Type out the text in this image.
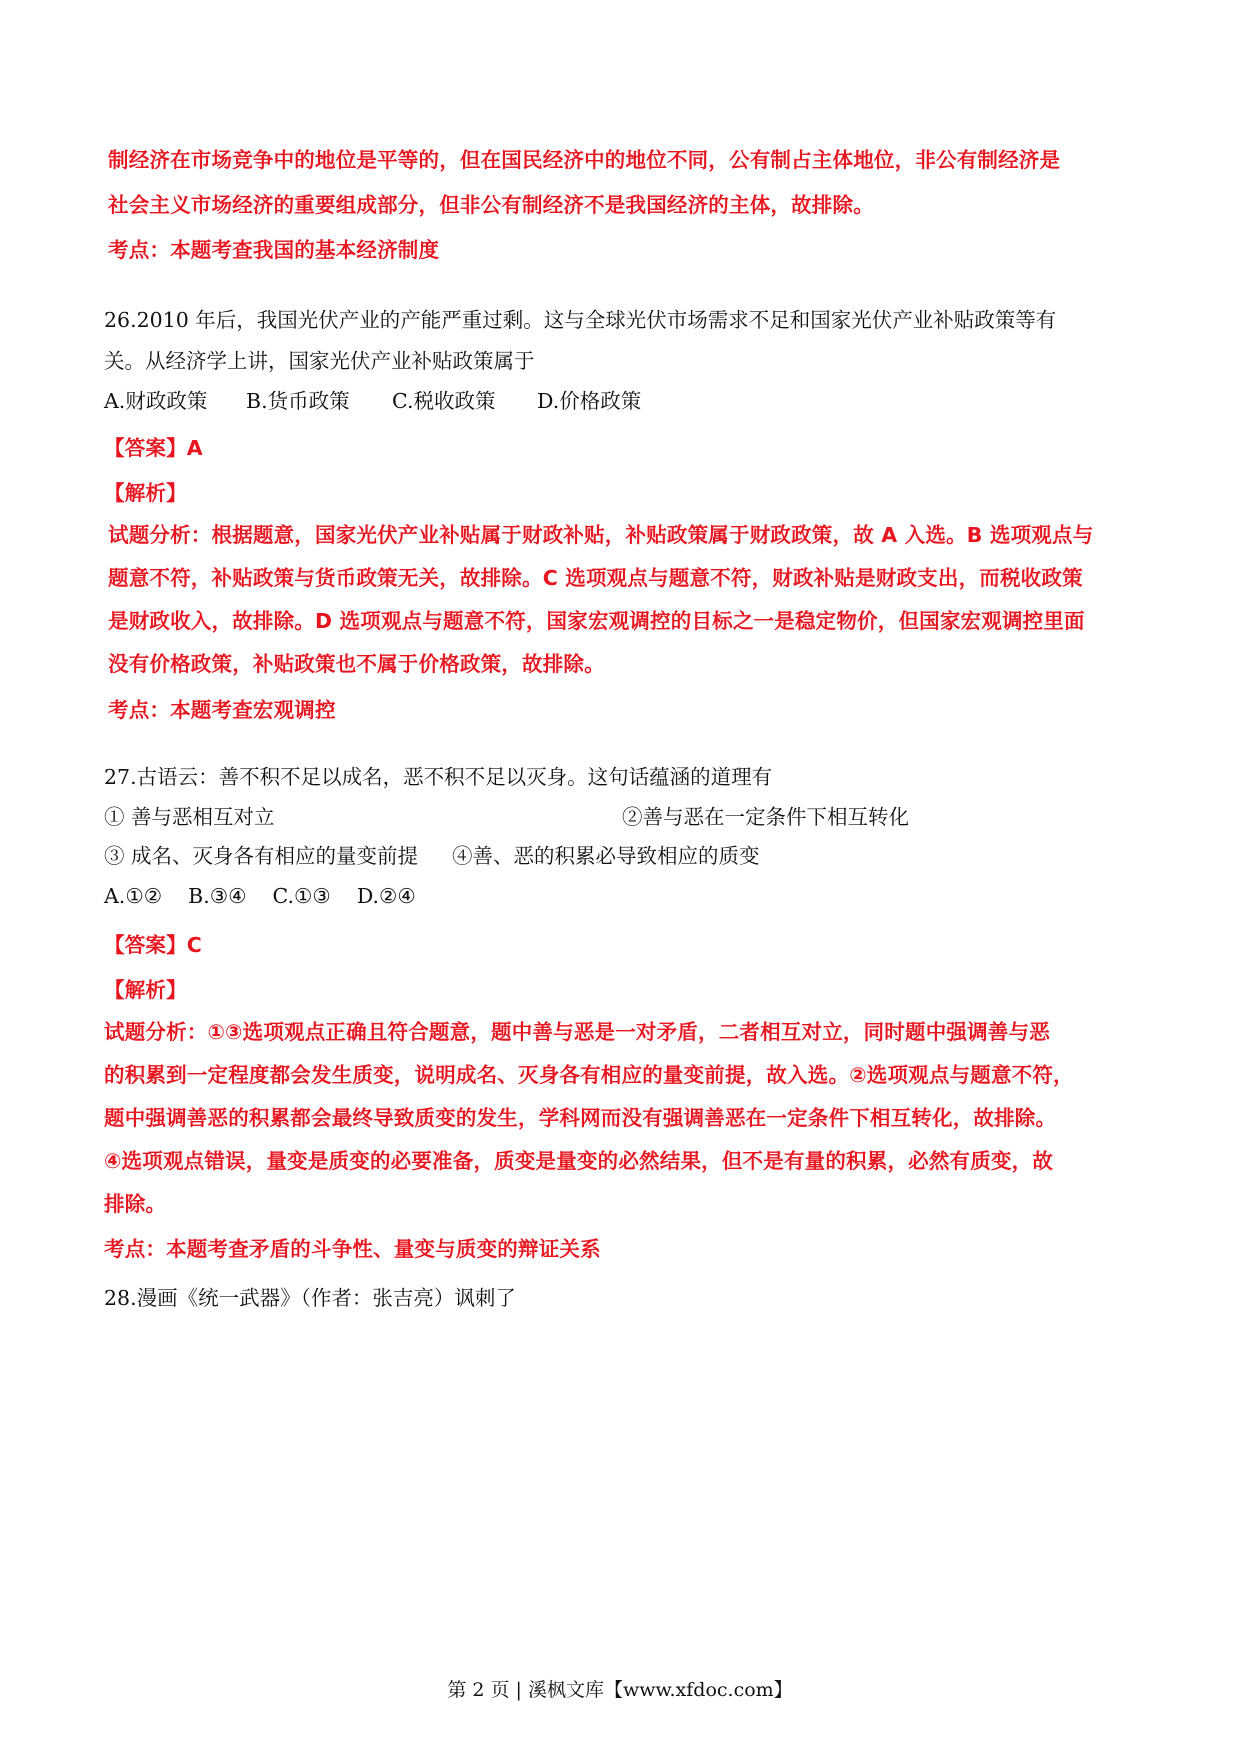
制经济在市场竞争中的地位是平等的，但在国民经济中的地位不同，公有制占主体地位，非公有制经济是
社会主义市场经济的重要组成部分，但非公有制经济不是我国经济的主体，故排除。
考点：本题考查我国的基本经济制度
26.2010 年后，我国光伏产业的产能严重过剩。这与全球光伏市场需求不足和国家光伏产业补贴政策等有
关。从经济学上讲，国家光伏产业补贴政策属于
A.财政政策 B.货币政策 C.税收政策 D.价格政策
【答案】A
【解析】
试题分析：根据题意，国家光伏产业补贴属于财政补贴，补贴政策属于财政政策，故 A 入选。B 选项观点与
题意不符，补贴政策与货币政策无关，故排除。C 选项观点与题意不符，财政补贴是财政支出，而税收政策
是财政收入，故排除。D 选项观点与题意不符，国家宏观调控的目标之一是稳定物价，但国家宏观调控里面
没有价格政策，补贴政策也不属于价格政策，故排除。
考点：本题考查宏观调控
27.古语云：善不积不足以成名，恶不积不足以灭身。这句话蕴涵的道理有
① 善与恶相互对立	②善与恶在一定条件下相互转化
③ 成名、灭身各有相应的量变前提 ④善、恶的积累必导致相应的质变
A.①②    B.③④    C.①③    D.②④
【答案】C
【解析】
试题分析：①③选项观点正确且符合题意，题中善与恶是一对矛盾，二者相互对立，同时题中强调善与恶
的积累到一定程度都会发生质变，说明成名、灭身各有相应的量变前提，故入选。②选项观点与题意不符，
题中强调善恶的积累都会最终导致质变的发生，学科网而没有强调善恶在一定条件下相互转化，故排除。
④选项观点错误，量变是质变的必要准备，质变是量变的必然结果，但不是有量的积累，必然有质变，故
排除。
考点：本题考查矛盾的斗争性、量变与质变的辩证关系
28.漫画《统一武器》（作者：张吉亮）讽刺了
第 2 页 | 溪枫文库【www.xfdoc.com】
